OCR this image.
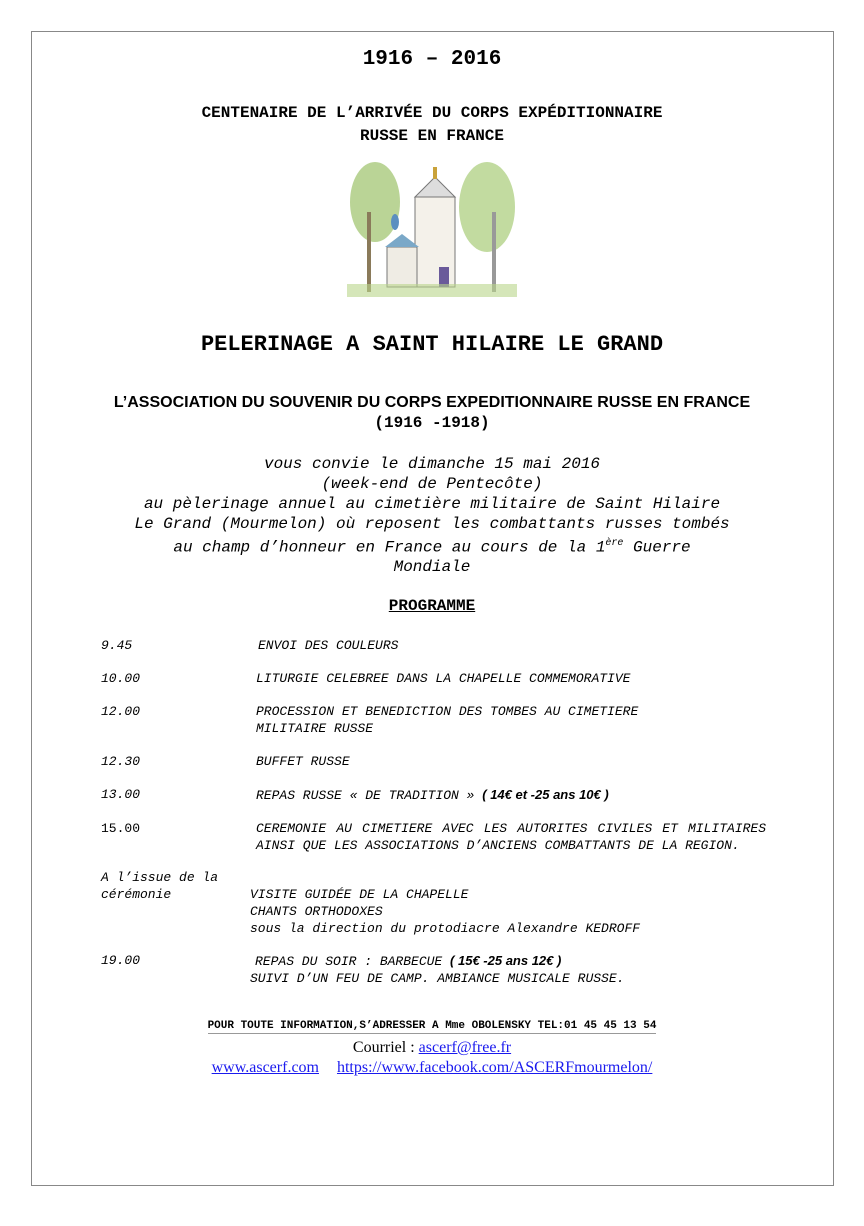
1916 – 2016
CENTENAIRE DE L’ARRIVÉE DU CORPS EXPÉDITIONNAIRE
RUSSE EN FRANCE
PELERINAGE A SAINT HILAIRE LE GRAND
L’ASSOCIATION DU SOUVENIR DU CORPS EXPEDITIONNAIRE RUSSE EN FRANCE
(1916 -1918)
vous convie le dimanche 15 mai 2016
(week-end de Pentecôte)
au pèlerinage annuel au cimetière militaire de Saint Hilaire
Le Grand (Mourmelon) où reposent les combattants russes tombés
au champ d’honneur en France au cours de la 1ère Guerre
Mondiale
PROGRAMME
9.45	ENVOI DES COULEURS
10.00	LITURGIE CELEBREE DANS LA CHAPELLE COMMEMORATIVE
12.00	PROCESSION ET BENEDICTION DES TOMBES AU CIMETIERE MILITAIRE RUSSE
12.30	BUFFET RUSSE
13.00	REPAS RUSSE « DE TRADITION » ( 14€ et -25 ans 10€ )
15.00	CEREMONIE AU CIMETIERE AVEC LES AUTORITES CIVILES ET MILITAIRES AINSI QUE LES ASSOCIATIONS D’ANCIENS COMBATTANTS DE LA REGION.
A l’issue de la
cérémonie	VISITE GUIDÉE DE LA CHAPELLE
CHANTS ORTHODOXES
sous la direction du protodiacre Alexandre KEDROFF
19.00	REPAS DU SOIR : BARBECUE ( 15€ -25 ans 12€ )
SUIVI D’UN FEU DE CAMP. AMBIANCE MUSICALE RUSSE.
POUR TOUTE INFORMATION,S’ADRESSER A Mme OBOLENSKY TEL:01 45 45 13 54
Courriel : ascerf@free.fr
www.ascerf.com https://www.facebook.com/ASCERFmourmelon/
